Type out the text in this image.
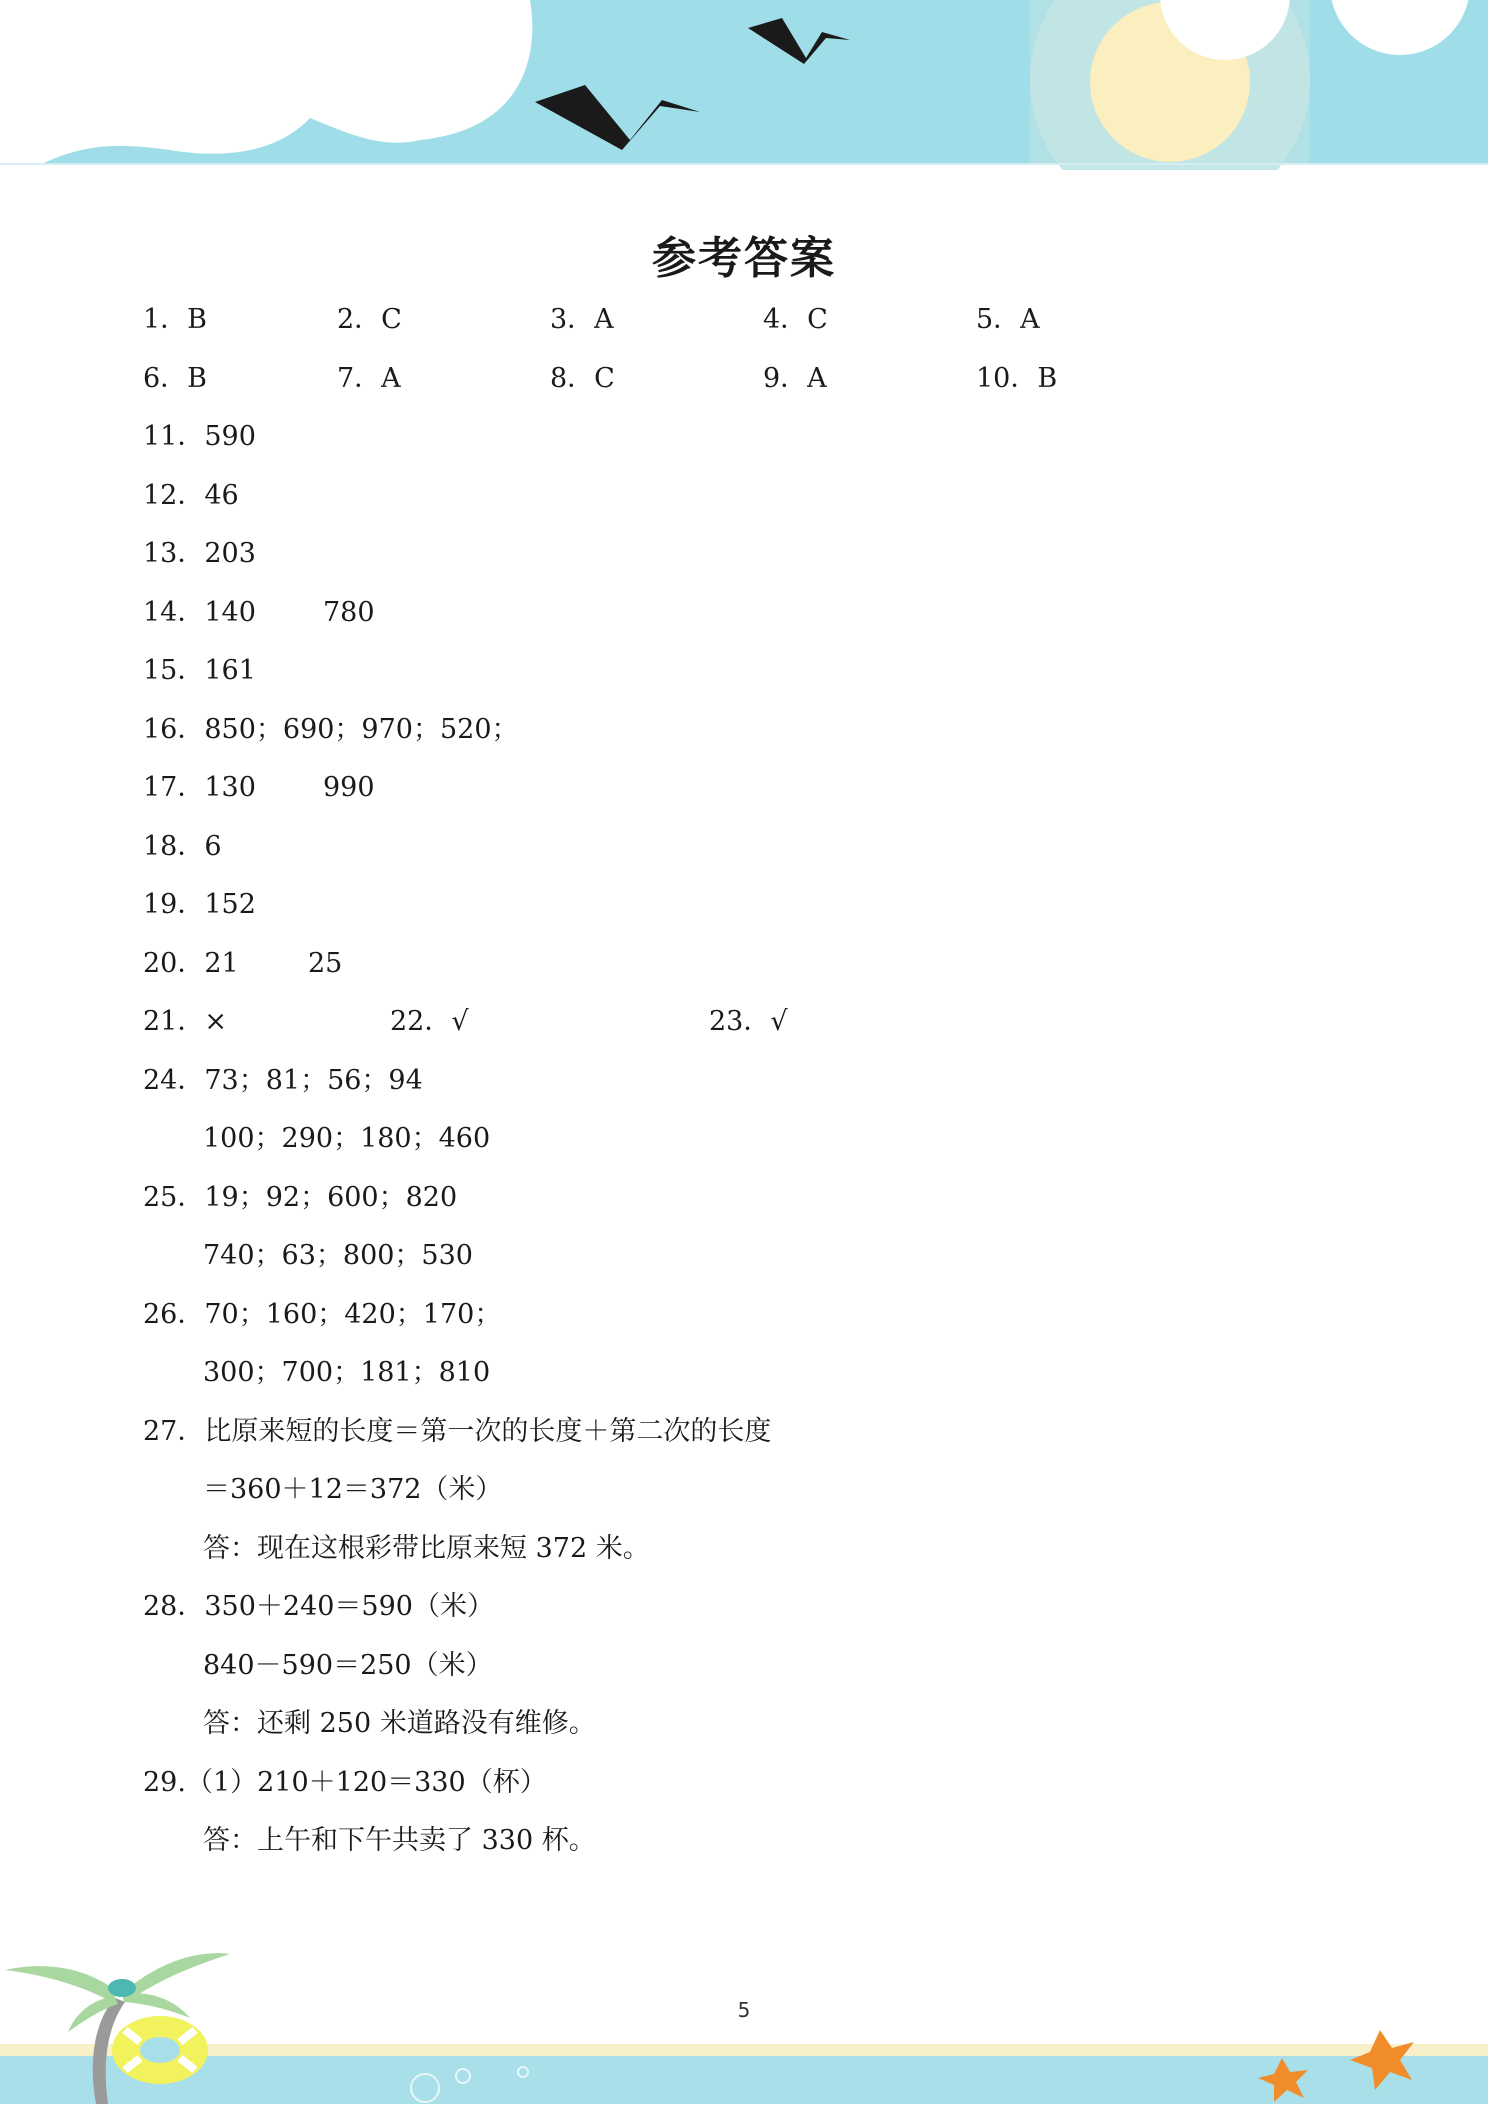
参考答案
1．B	2．C	3．A	4．C	5．A
6．B	7．A	8．C	9．A	10．B
11．590
12．46
13．203
14．140 780
15．161
16．850；690；970；520；
17．130 990
18．6
19．152
20．21	25
21．×	22．√	23．√
24．73；81；56；94
100；290；180；460
25．19；92；600；820
740；63；800；530
26．70；160；420；170；
300；700；181；810
27．比原来短的长度＝第一次的长度＋第二次的长度
＝360＋12＝372（米）
答：现在这根彩带比原来短 372 米。
28．350＋240＝590（米）
840－590＝250（米）
答：还剩 250 米道路没有维修。
29.（1）210＋120＝330（杯）
答：上午和下午共卖了 330 杯。
5
